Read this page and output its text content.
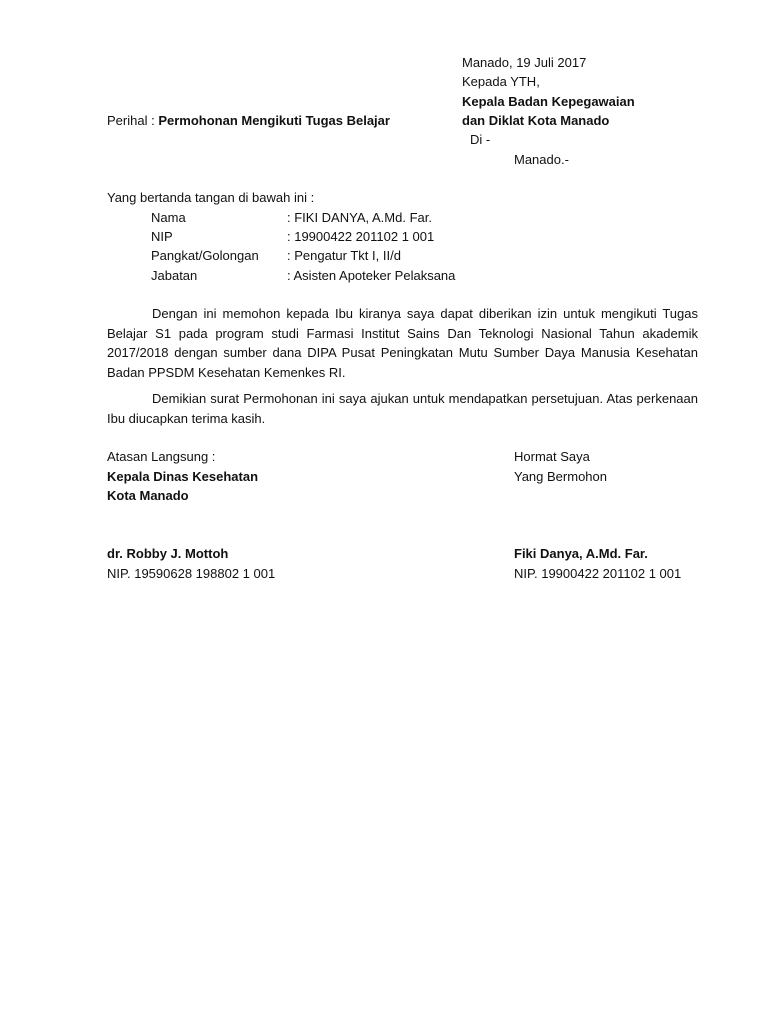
Manado, 19 Juli 2017
Kepada YTH,
Kepala Badan Kepegawaian
dan Diklat Kota Manado
Di -
Manado.-
Perihal : Permohonan Mengikuti Tugas Belajar
Yang bertanda tangan di bawah ini :
Nama	: FIKI DANYA, A.Md. Far.
NIP	: 19900422 201102 1 001
Pangkat/Golongan : Pengatur Tkt I, II/d
Jabatan	: Asisten Apoteker Pelaksana
Dengan ini memohon kepada Ibu kiranya saya dapat diberikan izin untuk mengikuti Tugas Belajar S1 pada program studi Farmasi Institut Sains Dan Teknologi Nasional Tahun akademik 2017/2018 dengan sumber dana DIPA Pusat Peningkatan Mutu Sumber Daya Manusia Kesehatan Badan PPSDM Kesehatan Kemenkes RI.
Demikian surat Permohonan ini saya ajukan untuk mendapatkan persetujuan. Atas perkenaan Ibu diucapkan terima kasih.
Atasan Langsung :
Kepala Dinas Kesehatan
Kota Manado
dr. Robby J. Mottoh
NIP. 19590628 198802 1 001
Hormat Saya
Yang Bermohon
Fiki Danya, A.Md. Far.
NIP. 19900422 201102 1 001
